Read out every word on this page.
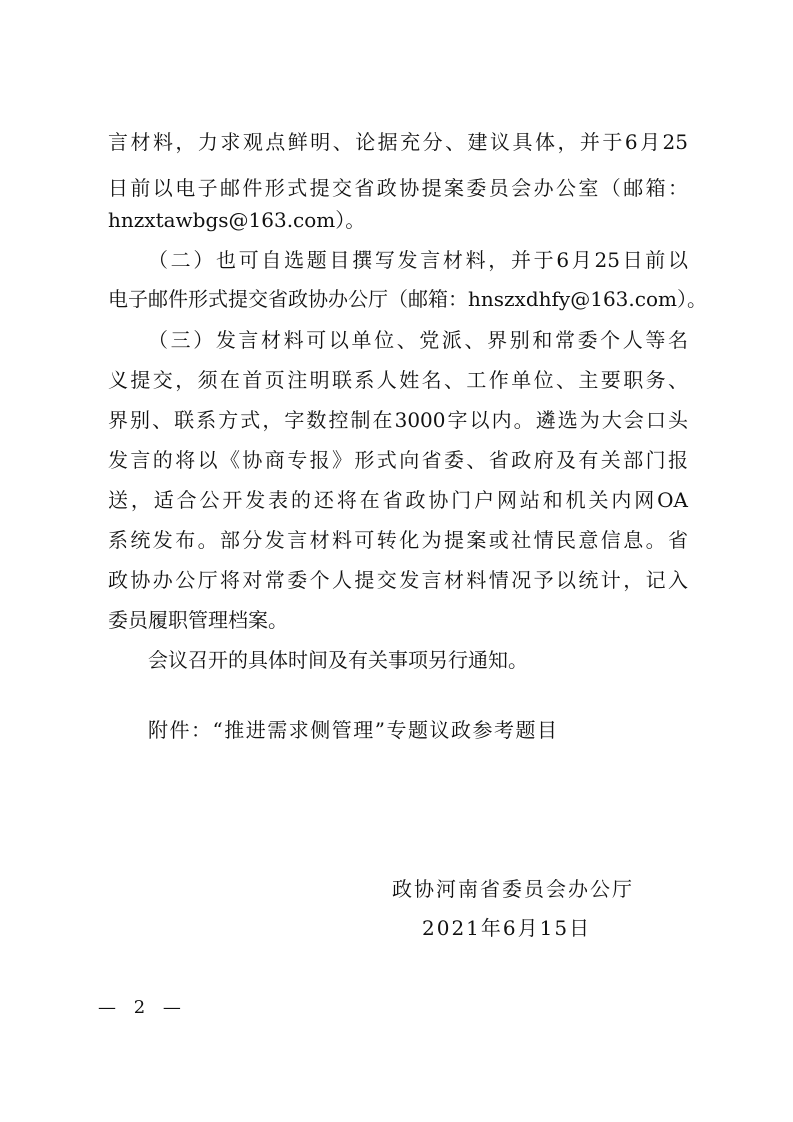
言材料，力求观点鲜明、论据充分、建议具体，并于6月25
日前以电子邮件形式提交省政协提案委员会办公室（邮箱：
hnzxtawbgs@163.com）。
（二）也可自选题目撰写发言材料，并于6月25日前以
电子邮件形式提交省政协办公厅（邮箱：hnszxdhfy@163.com）。
（三）发言材料可以单位、党派、界别和常委个人等名
义提交，须在首页注明联系人姓名、工作单位、主要职务、
界别、联系方式，字数控制在3000字以内。遴选为大会口头
发言的将以《协商专报》形式向省委、省政府及有关部门报
送，适合公开发表的还将在省政协门户网站和机关内网OA
系统发布。部分发言材料可转化为提案或社情民意信息。省
政协办公厅将对常委个人提交发言材料情况予以统计，记入
委员履职管理档案。
会议召开的具体时间及有关事项另行通知。
附件：“推进需求侧管理”专题议政参考题目
政协河南省委员会办公厅
2021年6月15日
— 2 —
